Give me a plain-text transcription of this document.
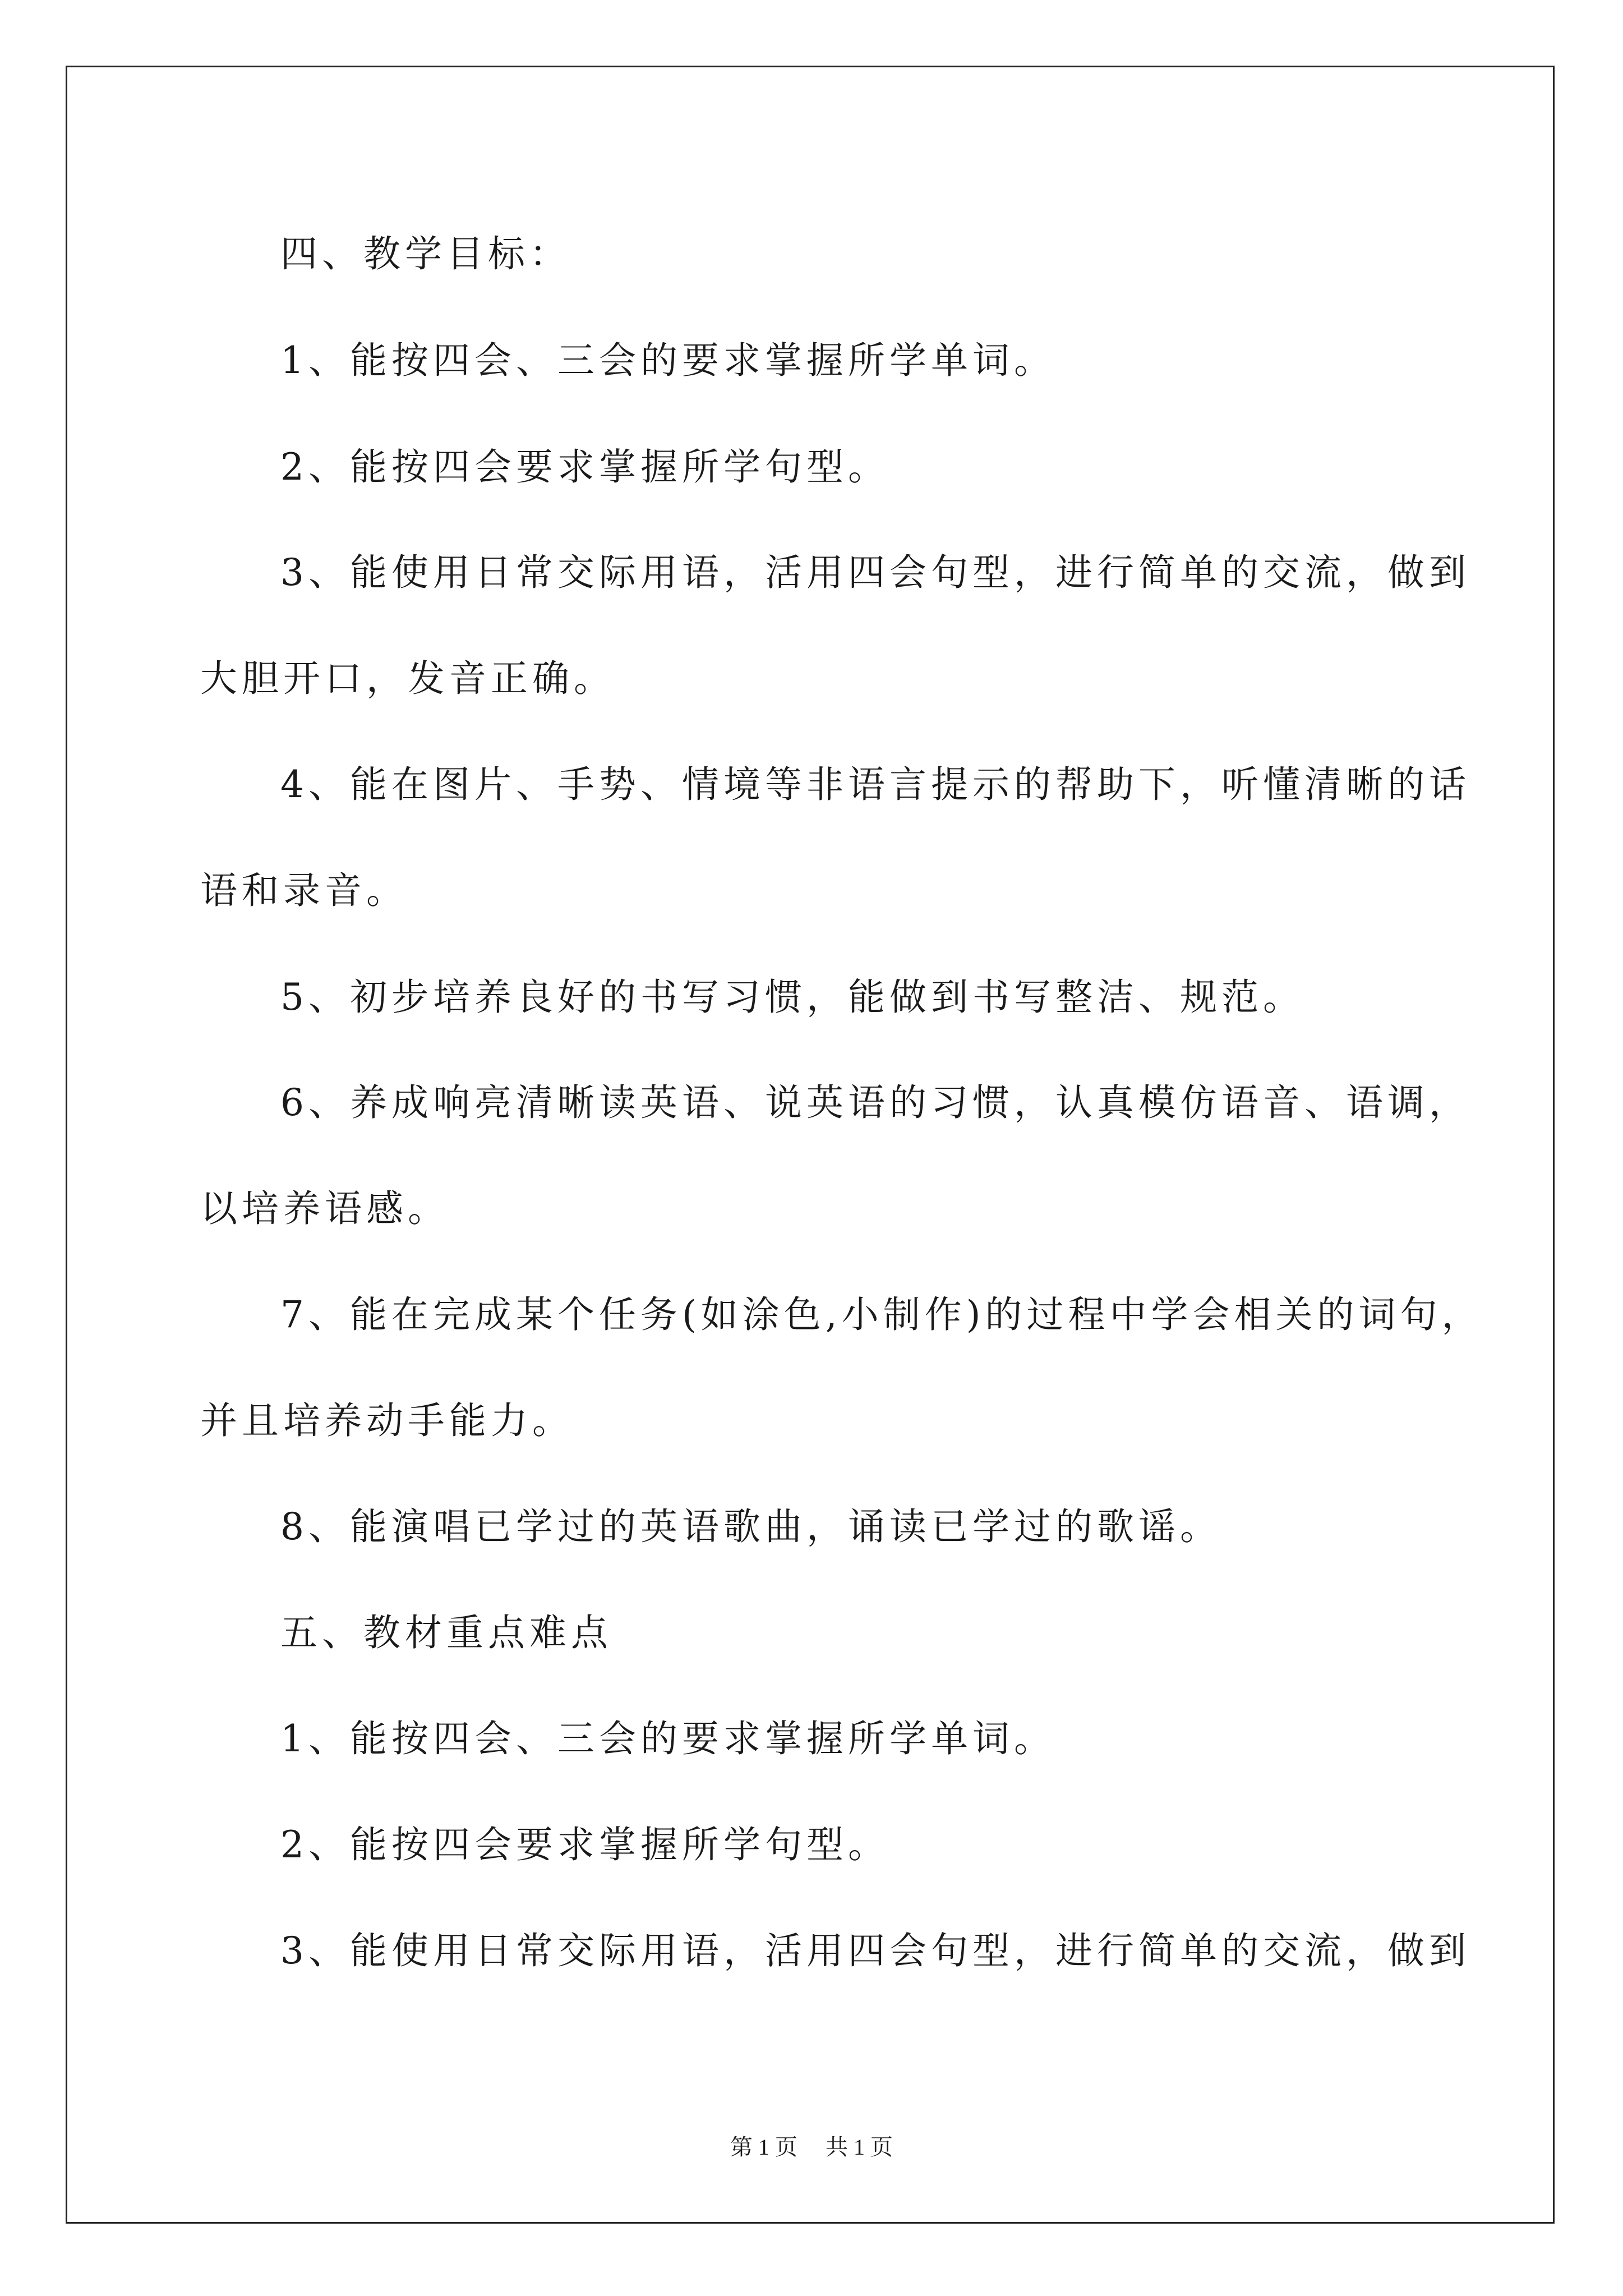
四、教学目标：
1、能按四会、三会的要求掌握所学单词。
2、能按四会要求掌握所学句型。
3、能使用日常交际用语，活用四会句型，进行简单的交流，做到
大胆开口，发音正确。
4、能在图片、手势、情境等非语言提示的帮助下，听懂清晰的话
语和录音。
5、初步培养良好的书写习惯，能做到书写整洁、规范。
6、养成响亮清晰读英语、说英语的习惯，认真模仿语音、语调，
以培养语感。
7、能在完成某个任务(如涂色,小制作)的过程中学会相关的词句，
并且培养动手能力。
8、能演唱已学过的英语歌曲，诵读已学过的歌谣。
五、教材重点难点
1、能按四会、三会的要求掌握所学单词。
2、能按四会要求掌握所学句型。
3、能使用日常交际用语，活用四会句型，进行简单的交流，做到
第 1 页 共 1 页
